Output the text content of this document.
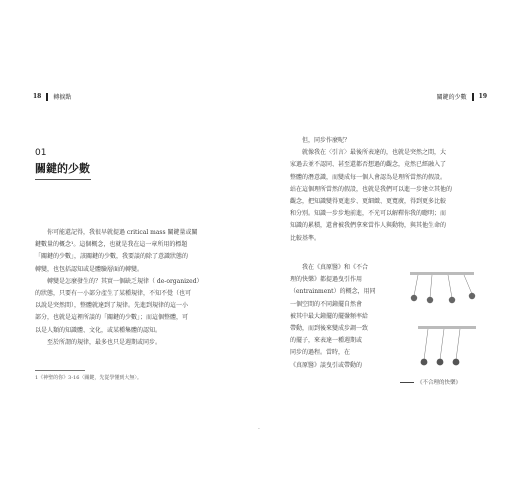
18 轉捩點
01
關鍵的少數

　　你可能還記得，我很早就提過 critical mass 關鍵量或關

鍵數量的概念¹。這個概念，也就是我在這一章所用的標題

「關鍵的少數」，該關鍵的少數，我要談的除了意識狀態的

轉變，也包括認知或是體驗層面的轉變。

　　轉變是怎麼發生的？其實一個缺乏規律（ de-organized）

的狀態，只要有一小部分產生了某種規律，不知不覺（也可

以說是突然間），整體就達到了規律。先進到規律的這一小

部分，也就是這裡所談的「關鍵的少數」；而這個整體，可

以是人類的知識體、文化，或某種集體的認知。

　　至於所謂的規律，最多也只是週期或同步。

1《神聖的你》3-16〈關鍵，先從學懂到大無〉。
關鍵的少數 19

　　但，同步作麼呢？

　　就像我在〈引言〉最後所表達的，也就是突然之間，大

家過去並不認同、甚至還都否想過的觀念，竟然已經融入了

整體的潛意識，而變成每一個人會認為是理所當然的假設。

站在這個理所當然的假設，也就是我們可以進一步建立其他的

觀念，把知識變得更進步、更細緻、更寬廣，得到更多比較

和分別。知識一步步地前進，不光可以解釋你我的聰明；而

知識的累積，還會被我們拿來當作人與動物，與其他生命的

比較基準。

　　我在《真原醫》和《不合

理的快樂》都提過曳引作用

（entrainment）的概念，用同

一個空間的不同鐘擺自然會

被其中最大鐘擺的擺盪頻率給

帶動，而到後來變成步調一致

的擺子，來表達一種週期或

同步的過程。當時，在

《真原醫》談曳引或帶動的

《不合理的快樂》
·
